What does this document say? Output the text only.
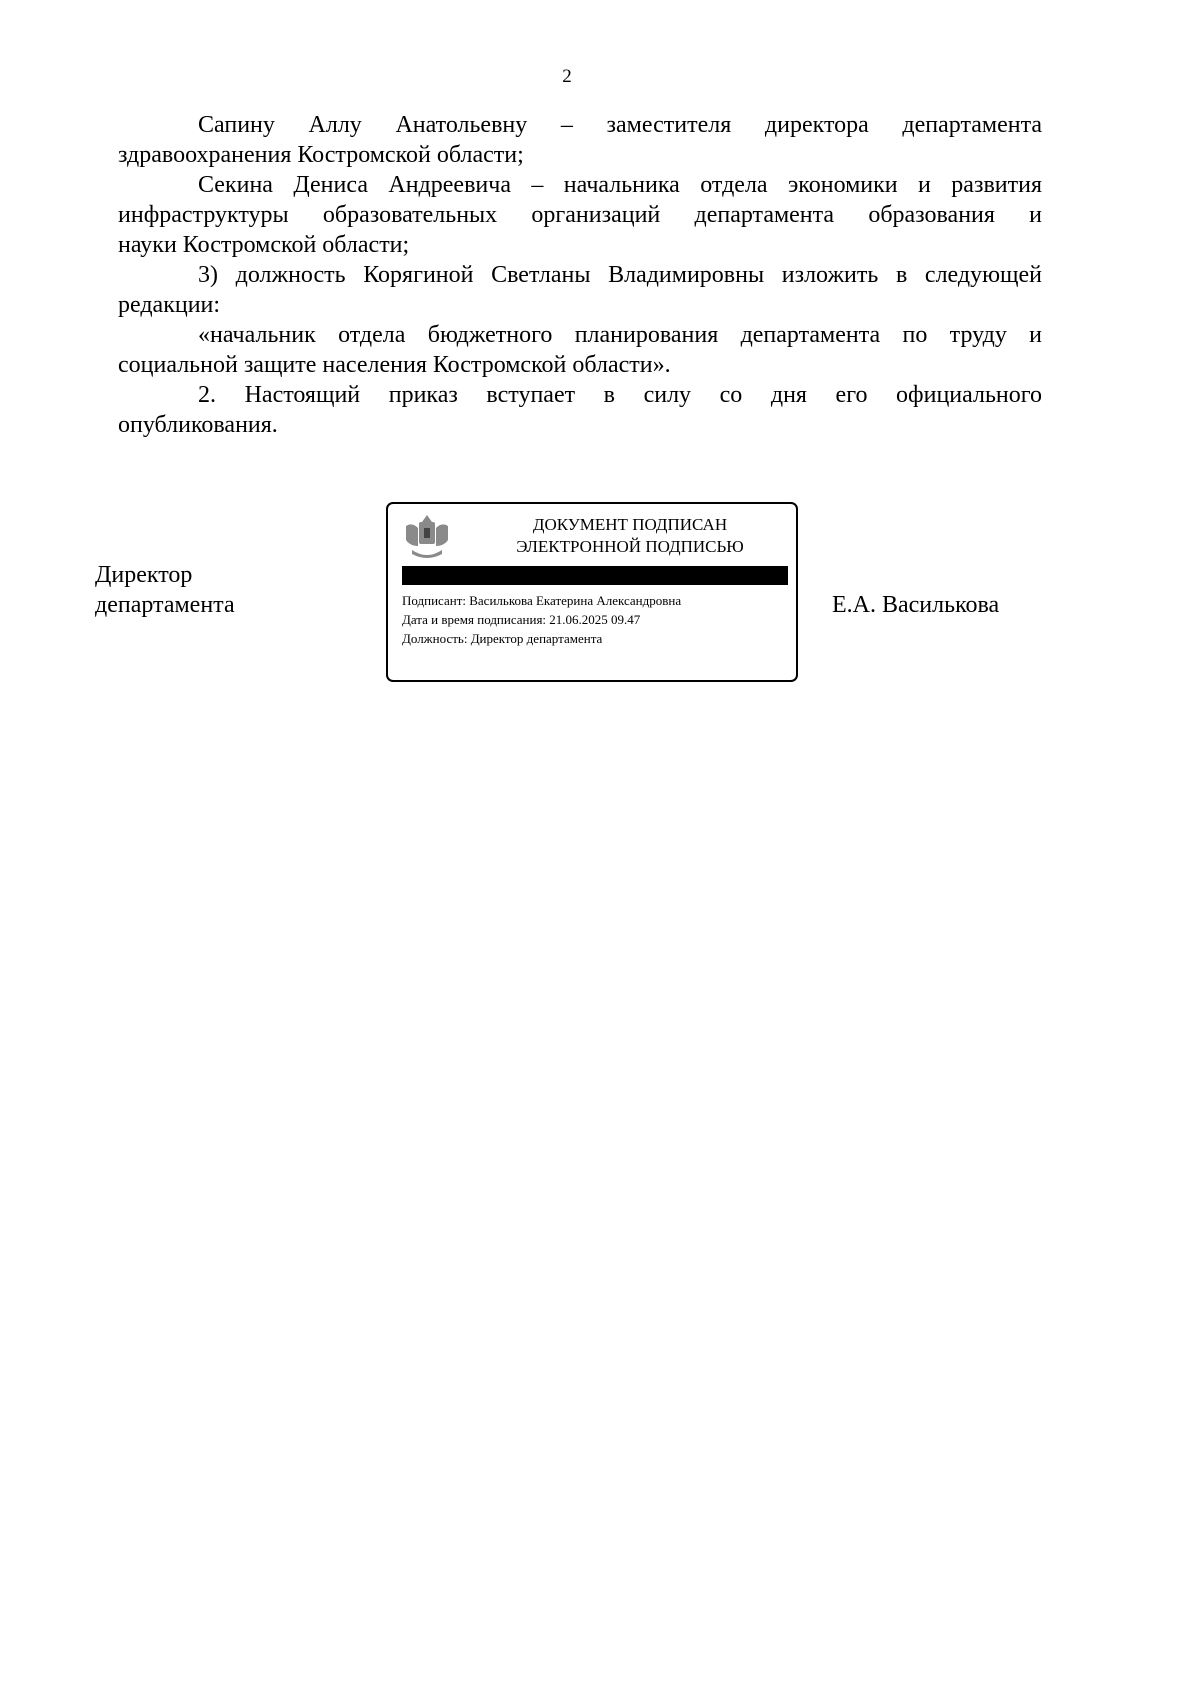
2
Сапину Аллу Анатольевну – заместителя директора департамента
здравоохранения Костромской области;
Секина Дениса Андреевича – начальника отдела экономики и развития
инфраструктуры образовательных организаций департамента образования и
науки Костромской области;
3) должность Корягиной Светланы Владимировны изложить в следующей
редакции:
«начальник отдела бюджетного планирования департамента по труду и
социальной защите населения Костромской области».
2. Настоящий приказ вступает в силу со дня его официального
опубликования.
Директор
департамента
ДОКУМЕНТ ПОДПИСАН
ЭЛЕКТРОННОЙ ПОДПИСЬЮ
Подписант: Василькова Екатерина Александровна
Дата и время подписания: 21.06.2025 09.47
Должность: Директор департамента
Е.А. Василькова
